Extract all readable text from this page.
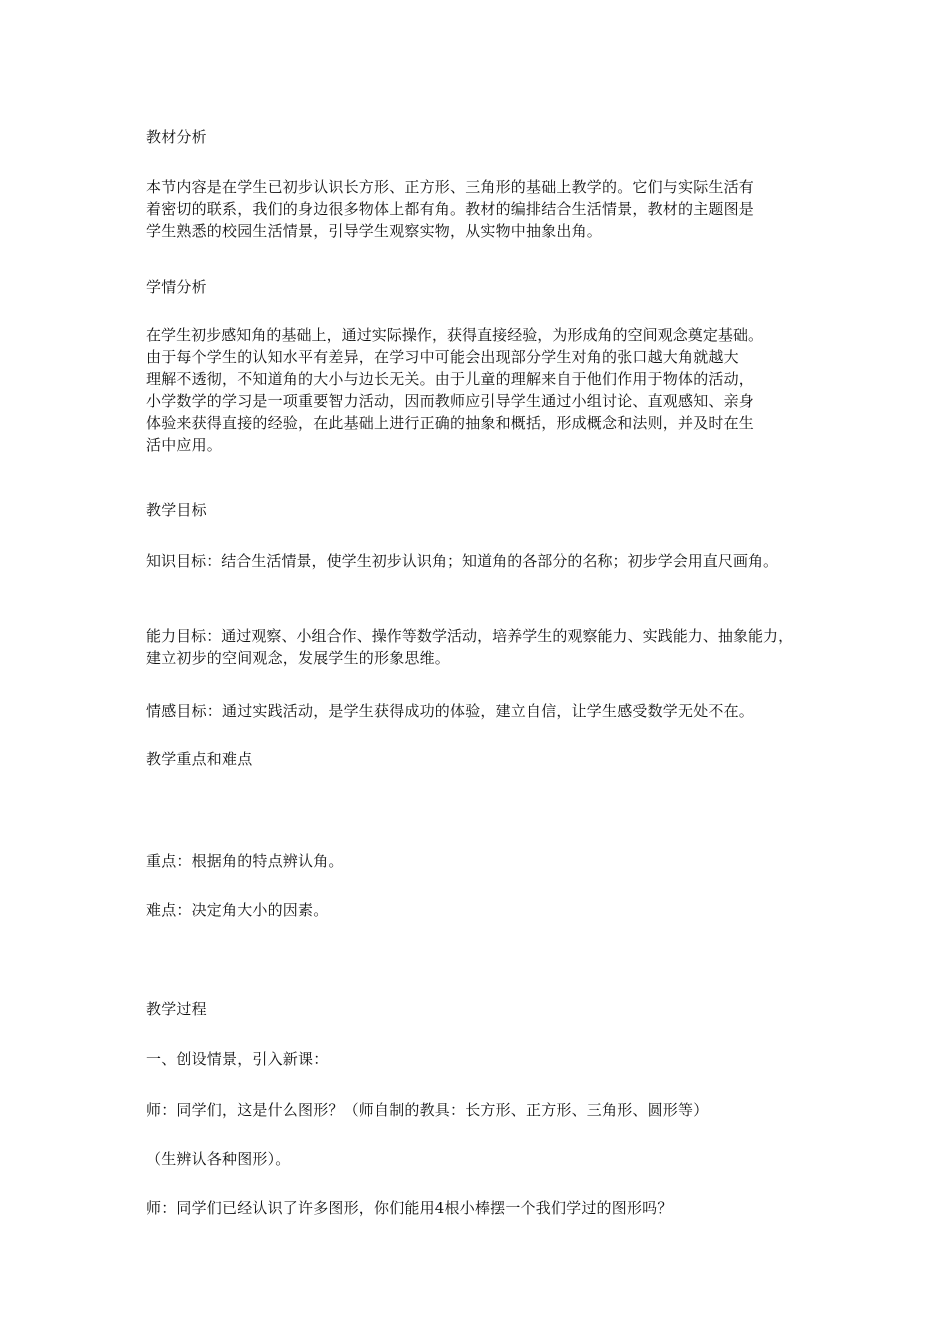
教材分析
本节内容是在学生已初步认识长方形、正方形、三角形的基础上教学的。它们与实际生活有
着密切的联系，我们的身边很多物体上都有角。教材的编排结合生活情景，教材的主题图是
学生熟悉的校园生活情景，引导学生观察实物，从实物中抽象出角。
学情分析
在学生初步感知角的基础上，通过实际操作，获得直接经验，为形成角的空间观念奠定基础。
由于每个学生的认知水平有差异，在学习中可能会出现部分学生对角的张口越大角就越大
理解不透彻，不知道角的大小与边长无关。由于儿童的理解来自于他们作用于物体的活动，
小学数学的学习是一项重要智力活动，因而教师应引导学生通过小组讨论、直观感知、亲身
体验来获得直接的经验，在此基础上进行正确的抽象和概括，形成概念和法则，并及时在生
活中应用。
教学目标
知识目标：结合生活情景，使学生初步认识角；知道角的各部分的名称；初步学会用直尺画角。
能力目标：通过观察、小组合作、操作等数学活动，培养学生的观察能力、实践能力、抽象能力，
建立初步的空间观念，发展学生的形象思维。
情感目标：通过实践活动，是学生获得成功的体验，建立自信，让学生感受数学无处不在。
教学重点和难点
重点：根据角的特点辨认角。
难点：决定角大小的因素。
教学过程
一、创设情景，引入新课：
师：同学们，这是什么图形？（师自制的教具：长方形、正方形、三角形、圆形等）
（生辨认各种图形）。
师：同学们已经认识了许多图形，你们能用4根小棒摆一个我们学过的图形吗？
